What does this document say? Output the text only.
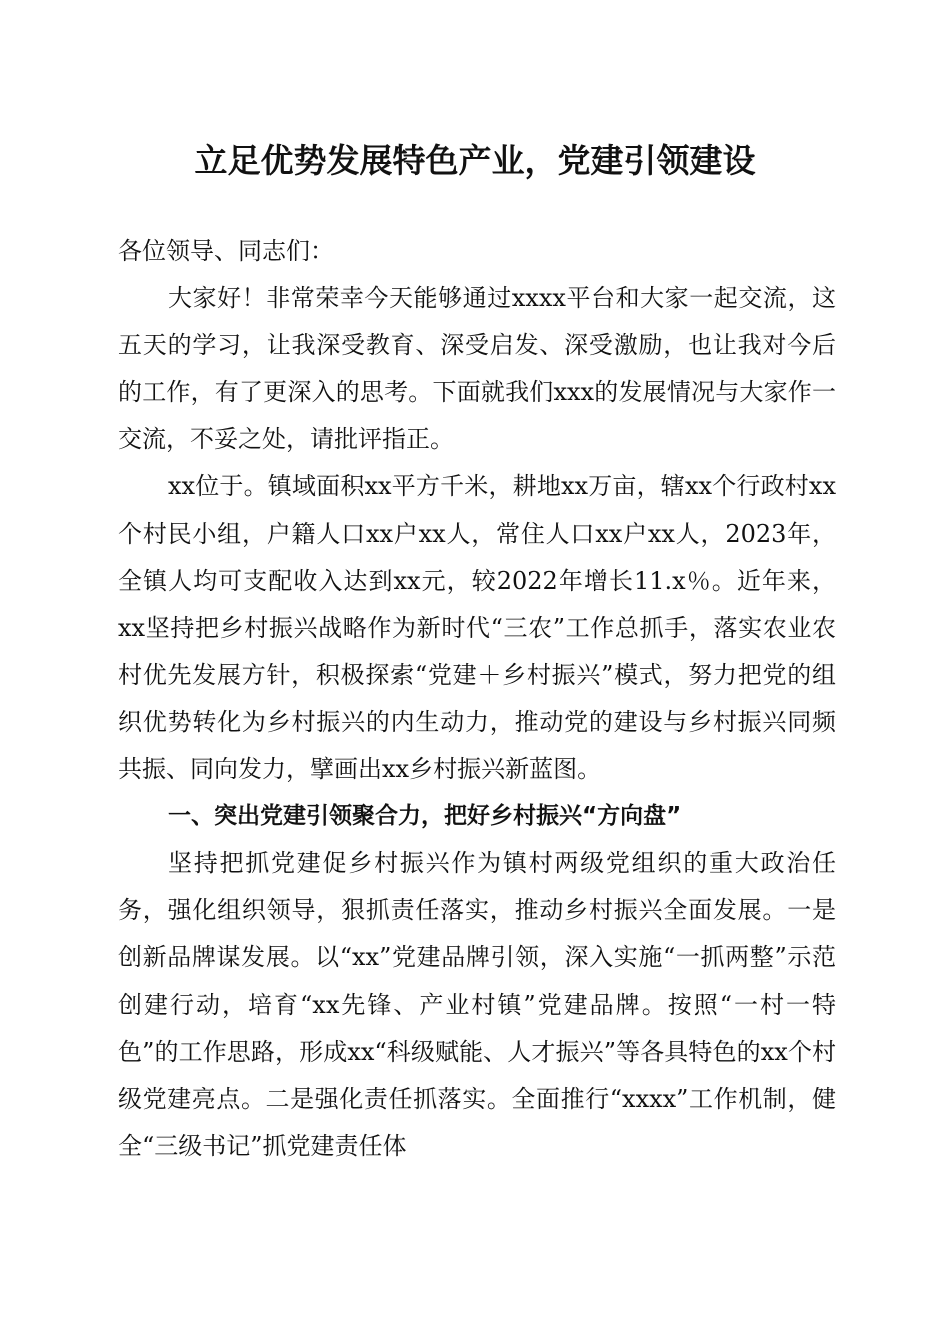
立足优势发展特色产业，党建引领建设

各位领导、同志们：

大家好！非常荣幸今天能够通过xxxx平台和大家一起交流，这五天的学习，让我深受教育、深受启发、深受激励，也让我对今后的工作，有了更深入的思考。下面就我们xxx的发展情况与大家作一交流，不妥之处，请批评指正。

xx位于。镇域面积xx平方千米，耕地xx万亩，辖xx个行政村xx个村民小组，户籍人口xx户xx人，常住人口xx户xx人，2023年，全镇人均可支配收入达到xx元，较2022年增长11.x％。近年来，xx坚持把乡村振兴战略作为新时代“三农”工作总抓手，落实农业农村优先发展方针，积极探索“党建＋乡村振兴”模式，努力把党的组织优势转化为乡村振兴的内生动力，推动党的建设与乡村振兴同频共振、同向发力，擘画出xx乡村振兴新蓝图。

一、突出党建引领聚合力，把好乡村振兴“方向盘”

坚持把抓党建促乡村振兴作为镇村两级党组织的重大政治任务，强化组织领导，狠抓责任落实，推动乡村振兴全面发展。一是创新品牌谋发展。以“xx”党建品牌引领，深入实施“一抓两整”示范创建行动，培育“xx先锋、产业村镇”党建品牌。按照“一村一特色”的工作思路，形成xx“科级赋能、人才振兴”等各具特色的xx个村级党建亮点。二是强化责任抓落实。全面推行“xxxx”工作机制，健全“三级书记”抓党建责任体
